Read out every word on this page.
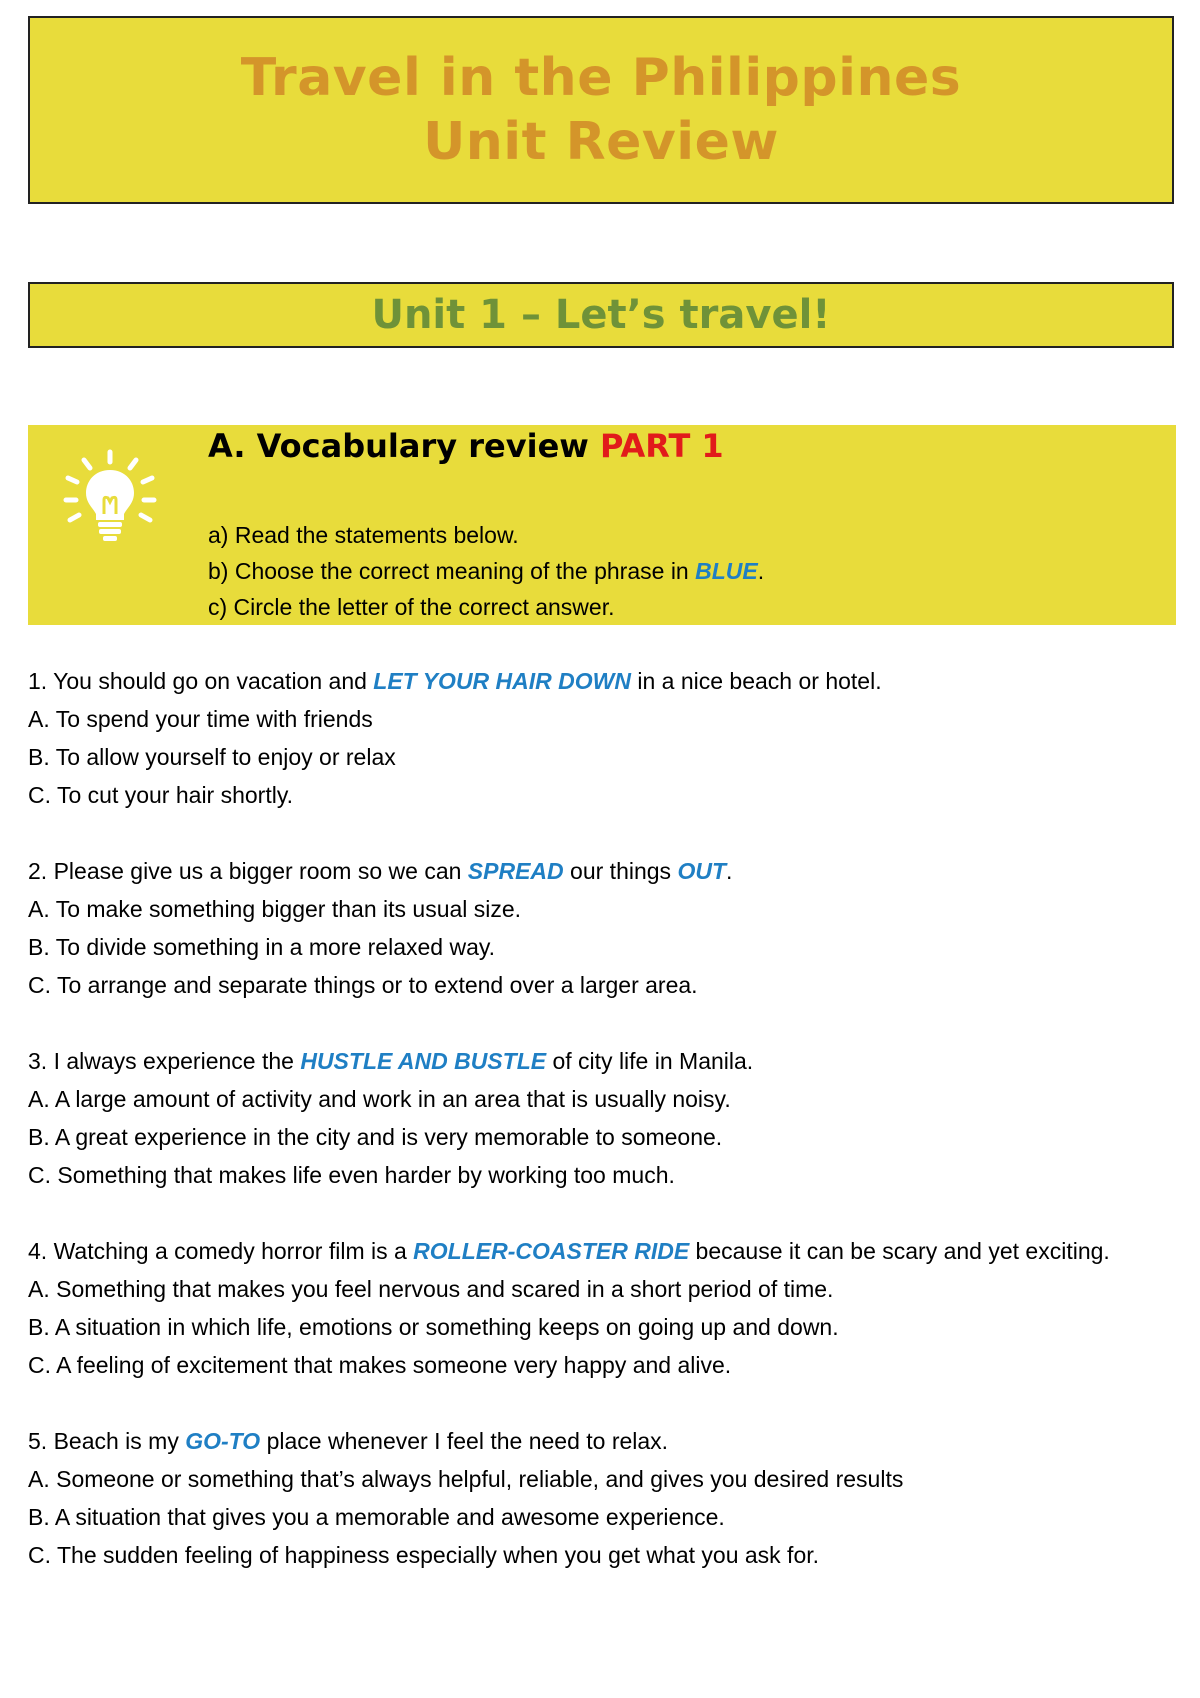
Travel in the Philippines
Unit Review
Unit 1 – Let’s travel!
A. Vocabulary review PART 1
a) Read the statements below.
b) Choose the correct meaning of the phrase in BLUE.
c) Circle the letter of the correct answer.

1. You should go on vacation and LET YOUR HAIR DOWN in a nice beach or hotel.

A. To spend your time with friends

B. To allow yourself to enjoy or relax

C. To cut your hair shortly.

2. Please give us a bigger room so we can SPREAD our things OUT.

A. To make something bigger than its usual size.

B. To divide something in a more relaxed way.

C. To arrange and separate things or to extend over a larger area.

3. I always experience the HUSTLE AND BUSTLE of city life in Manila.

A. A large amount of activity and work in an area that is usually noisy.

B. A great experience in the city and is very memorable to someone.

C. Something that makes life even harder by working too much.

4. Watching a comedy horror film is a ROLLER-COASTER RIDE because it can be scary and yet exciting.

A. Something that makes you feel nervous and scared in a short period of time.

B. A situation in which life, emotions or something keeps on going up and down.

C. A feeling of excitement that makes someone very happy and alive.

5. Beach is my GO-TO place whenever I feel the need to relax.

A. Someone or something that’s always helpful, reliable, and gives you desired results

B. A situation that gives you a memorable and awesome experience.

C. The sudden feeling of happiness especially when you get what you ask for.
